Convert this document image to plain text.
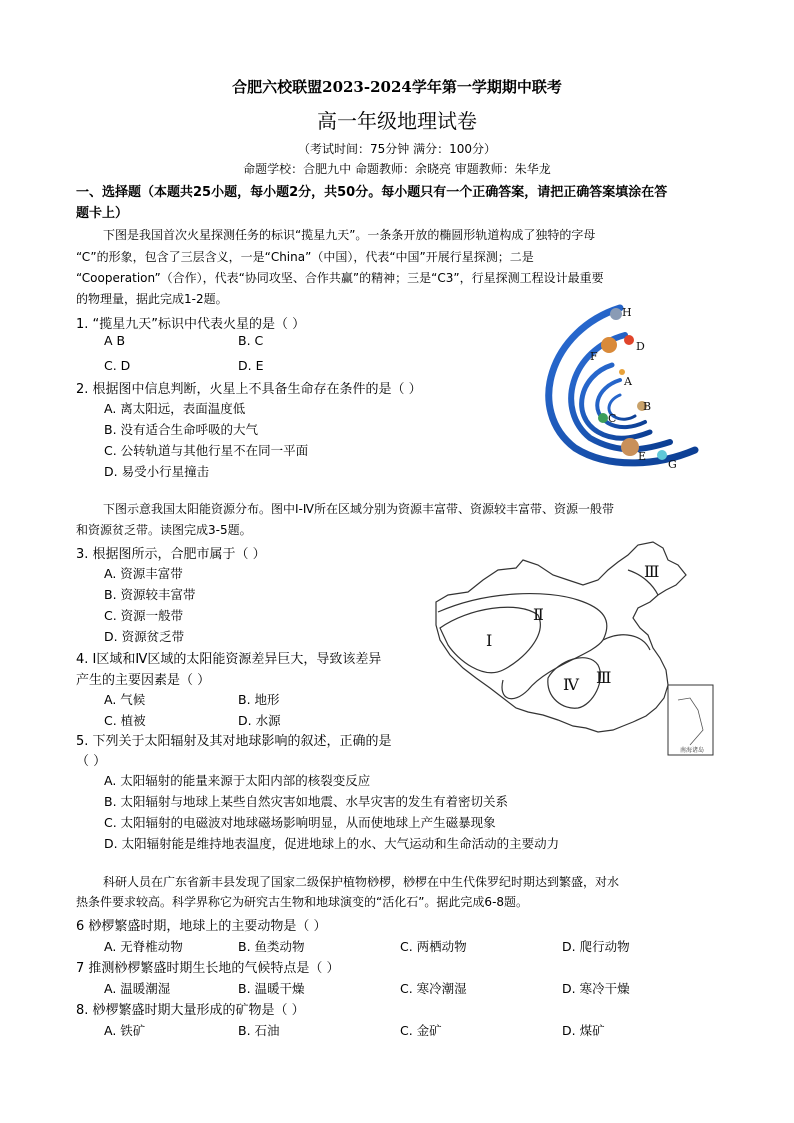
合肥六校联盟2023-2024学年第一学期期中联考
高一年级地理试卷
（考试时间：75分钟 满分：100分）
命题学校：合肥九中 命题教师：余晓亮 审题教师：朱华龙
一、选择题（本题共25小题，每小题2分，共50分。每小题只有一个正确答案，请把正确答案填涂在答
题卡上）
下图是我国首次火星探测任务的标识“揽星九天”。一条条开放的椭圆形轨道构成了独特的字母
“C”的形象，包含了三层含义，一是“China”（中国），代表“中国”开展行星探测；二是
“Cooperation”（合作），代表“协同攻坚、合作共赢”的精神；三是“C3”，行星探测工程设计最重要
的物理量，据此完成1-2题。
1. “揽星九天”标识中代表火星的是（ ）
A B	B. C
C. D	D. E
2. 根据图中信息判断，火星上不具备生命存在条件的是（ ）
A. 离太阳远，表面温度低
B. 没有适合生命呼吸的大气
C. 公转轨道与其他行星不在同一平面
D. 易受小行星撞击
H
D
F
A
B
C
E
G
下图示意我国太阳能资源分布。图中Ⅰ-Ⅳ所在区域分别为资源丰富带、资源较丰富带、资源一般带
和资源贫乏带。读图完成3-5题。
3. 根据图所示，合肥市属于（ ）
A. 资源丰富带
B. 资源较丰富带
C. 资源一般带
D. 资源贫乏带
4. Ⅰ区域和Ⅳ区域的太阳能资源差异巨大，导致该差异
产生的主要因素是（ ）
A. 气候	B. 地形
C. 植被	D. 水源
Ⅰ
Ⅱ
Ⅲ
Ⅳ Ⅲ
南海诸岛
5. 下列关于太阳辐射及其对地球影响的叙述，正确的是
（ ）
A. 太阳辐射的能量来源于太阳内部的核裂变反应
B. 太阳辐射与地球上某些自然灾害如地震、水旱灾害的发生有着密切关系
C. 太阳辐射的电磁波对地球磁场影响明显，从而使地球上产生磁暴现象
D. 太阳辐射能是维持地表温度，促进地球上的水、大气运动和生命活动的主要动力
科研人员在广东省新丰县发现了国家二级保护植物桫椤，桫椤在中生代侏罗纪时期达到繁盛，对水
热条件要求较高。科学界称它为研究古生物和地球演变的“活化石”。据此完成6-8题。
6 桫椤繁盛时期，地球上的主要动物是（ ）
A. 无脊椎动物	B. 鱼类动物	C. 两栖动物	D. 爬行动物
7 推测桫椤繁盛时期生长地的气候特点是（ ）
A. 温暖潮湿	B. 温暖干燥	C. 寒冷潮湿	D. 寒冷干燥
8. 桫椤繁盛时期大量形成的矿物是（ ）
A. 铁矿	B. 石油	C. 金矿	D. 煤矿
